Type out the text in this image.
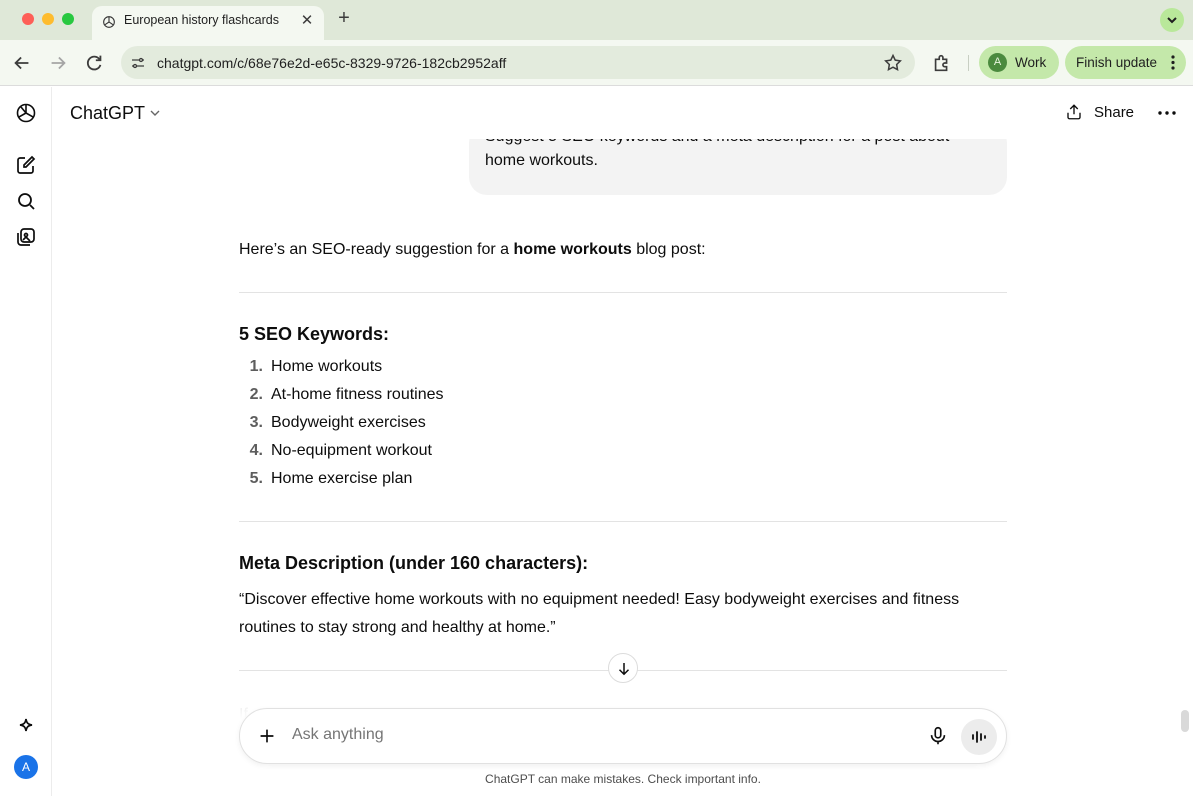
European history flashcards ✕ +
chatgpt.com/c/68e76e2d-e65c-8329-9726-182cb2952aff	A	Work Finish update
A
ChatGPT	Share

home workouts.

Here’s an SEO-ready suggestion for a home workouts blog post:

5 SEO Keywords:
1. Home workouts
2. At-home fitness routines
3. Bodyweight exercises
4. No-equipment workout
5. Home exercise plan
Meta Description (under 160 characters):

“Discover effective home workouts with no equipment needed! Easy bodyweight exercises and fitness routines to stay strong and healthy at home.”

Ask anything

ChatGPT can make mistakes. Check important info.
